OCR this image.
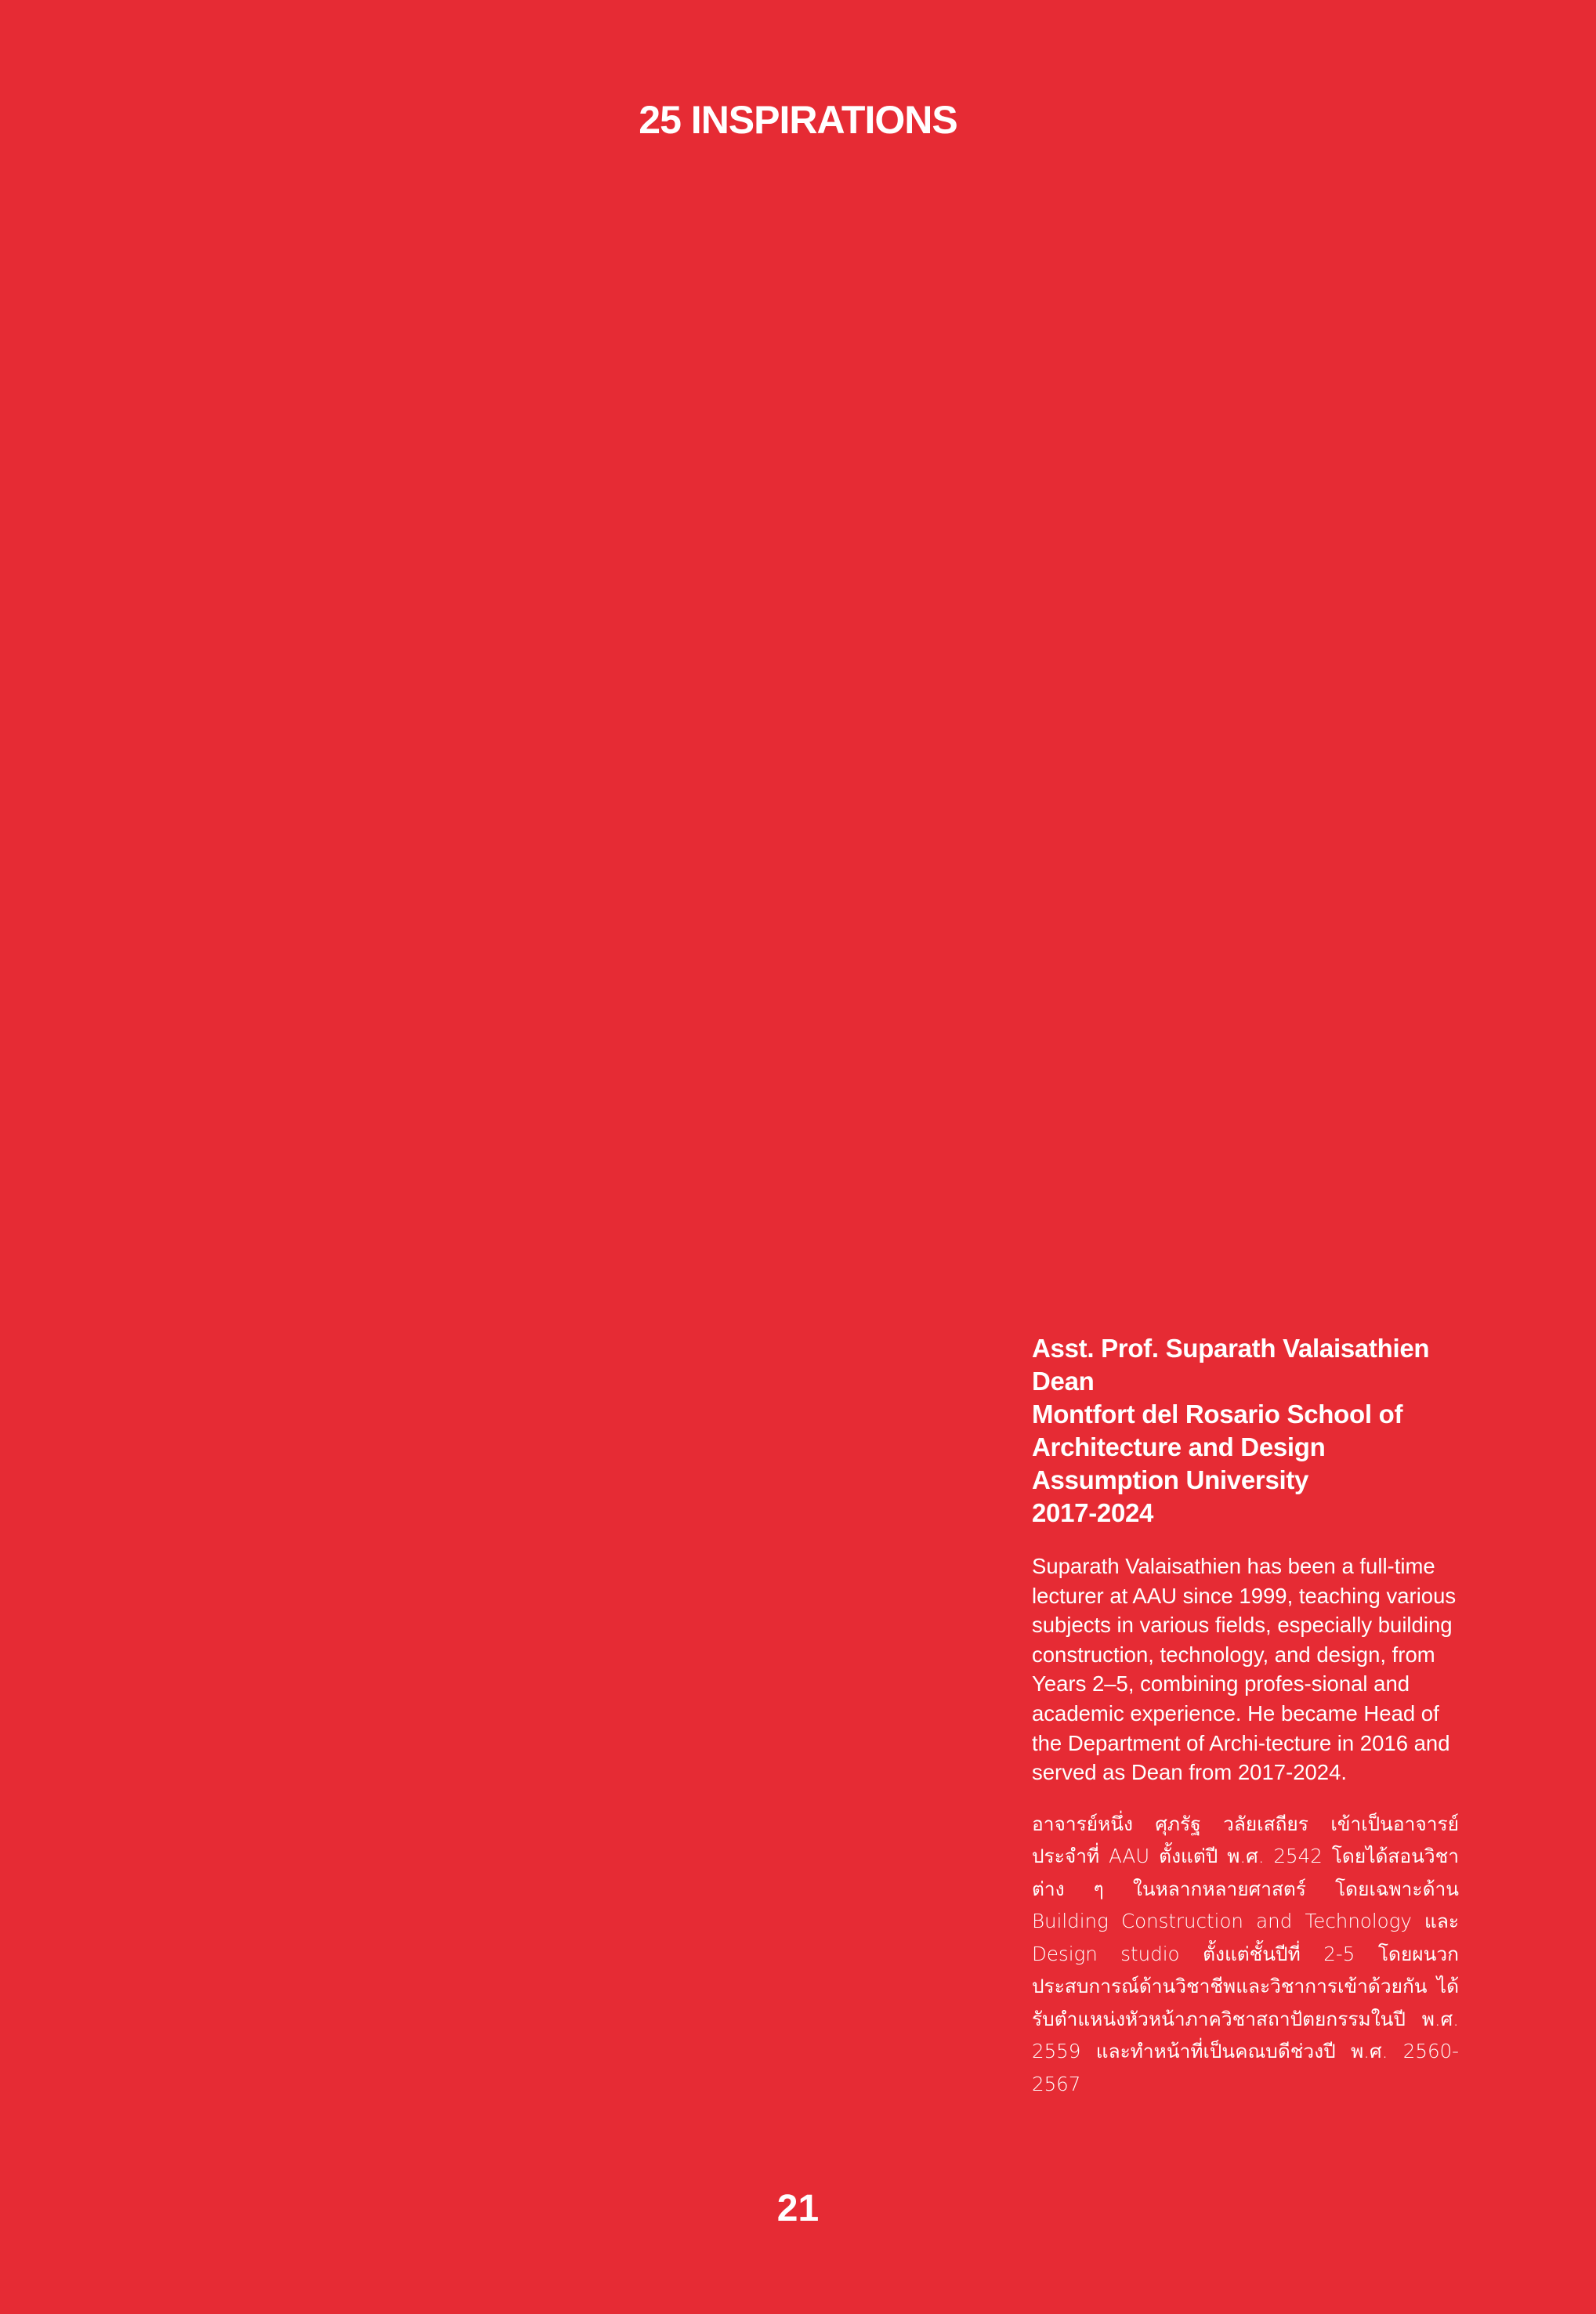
25 INSPIRATIONS
Asst. Prof. Suparath Valaisathien
Dean
Montfort del Rosario School of
Architecture and Design
Assumption University
2017-2024

Suparath Valaisathien has been a full-time lecturer at AAU since 1999, teaching various subjects in various fields, especially building construction, technology, and design, from Years 2–5, combining profes-sional and academic experience. He became Head of the Department of Archi-tecture in 2016 and served as Dean from 2017-2024.

อาจารย์หนึ่ง ศุภรัฐ วลัยเสถียร เข้าเป็นอาจารย์ประจำที่ AAU ตั้งแต่ปี พ.ศ. 2542 โดยได้สอนวิชาต่าง ๆ ในหลากหลายศาสตร์ โดยเฉพาะด้าน Building Construction and Technology และ Design studio ตั้งแต่ชั้นปีที่ 2-5 โดยผนวกประสบการณ์ด้านวิชาชีพและวิชาการเข้าด้วยกัน ได้รับตำแหน่งหัวหน้าภาควิชาสถาปัตยกรรมในปี พ.ศ. 2559 และทำหน้าที่เป็นคณบดีช่วงปี พ.ศ. 2560-2567

21
